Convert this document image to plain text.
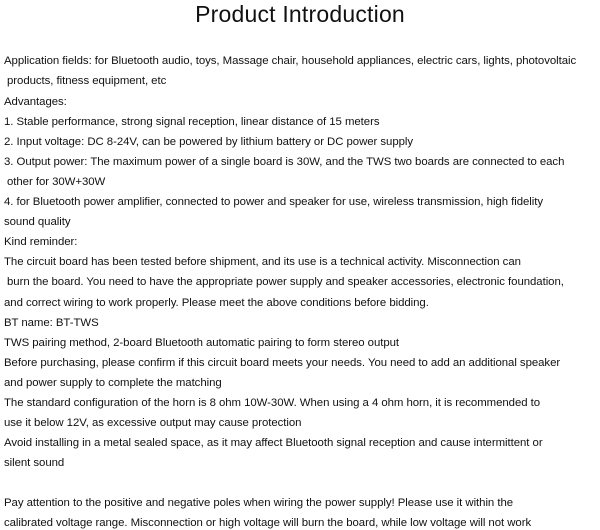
Product Introduction
Application fields: for Bluetooth audio, toys, Massage chair, household appliances, electric cars, lights, photovoltaic
products, fitness equipment, etc
Advantages:
1. Stable performance, strong signal reception, linear distance of 15 meters
2. Input voltage: DC 8-24V, can be powered by lithium battery or DC power supply
3. Output power: The maximum power of a single board is 30W, and the TWS two boards are connected to each
other for 30W+30W
4. for Bluetooth power amplifier, connected to power and speaker for use, wireless transmission, high fidelity
sound quality
Kind reminder:
The circuit board has been tested before shipment, and its use is a technical activity. Misconnection can
burn the board. You need to have the appropriate power supply and speaker accessories, electronic foundation,
and correct wiring to work properly. Please meet the above conditions before bidding.
BT name: BT-TWS
TWS pairing method, 2-board Bluetooth automatic pairing to form stereo output
Before purchasing, please confirm if this circuit board meets your needs. You need to add an additional speaker
and power supply to complete the matching
The standard configuration of the horn is 8 ohm 10W-30W. When using a 4 ohm horn, it is recommended to
use it below 12V, as excessive output may cause protection
Avoid installing in a metal sealed space, as it may affect Bluetooth signal reception and cause intermittent or
silent sound
Pay attention to the positive and negative poles when wiring the power supply! Please use it within the
calibrated voltage range. Misconnection or high voltage will burn the board, while low voltage will not work
